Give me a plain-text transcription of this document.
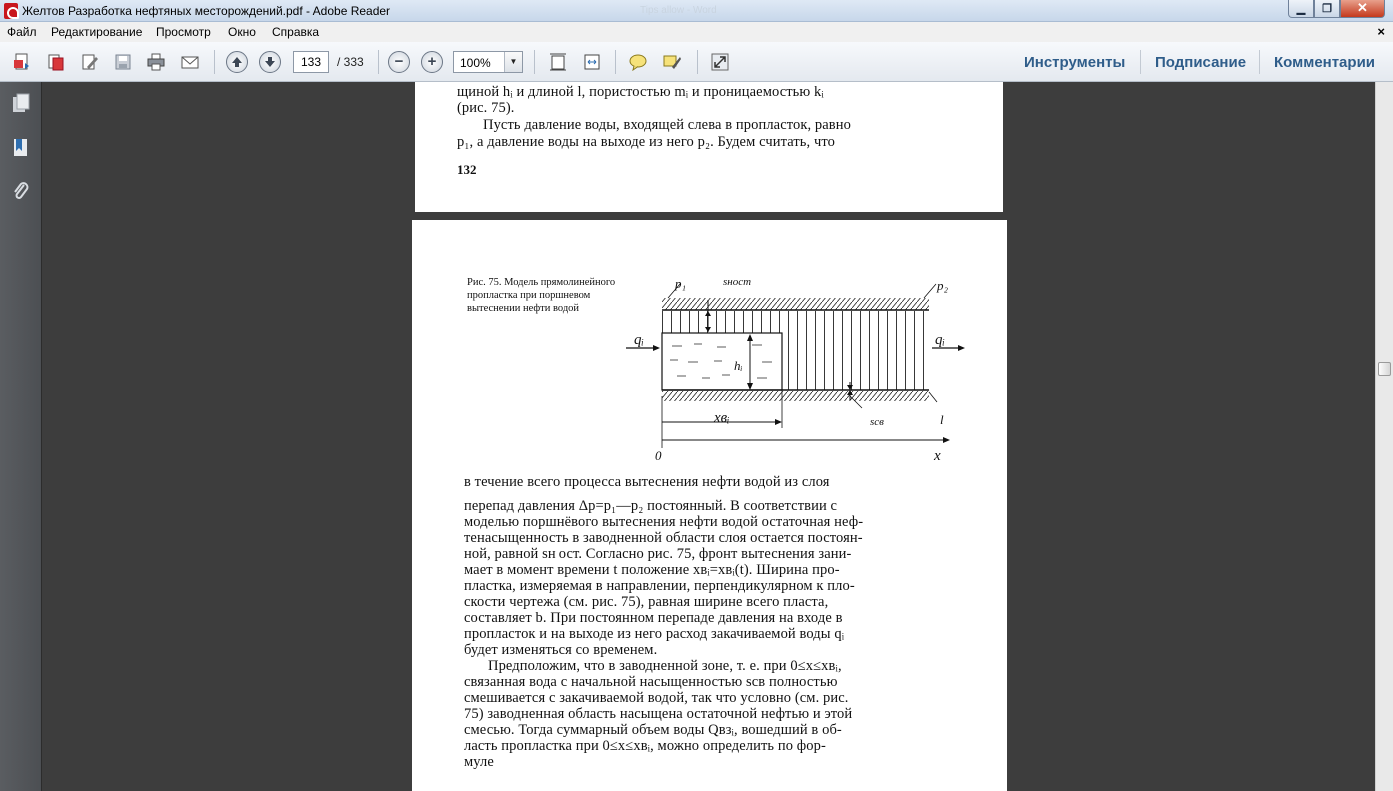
Желтов Разработка нефтяных месторождений.pdf - Adobe Reader	Tips allow - Word	▁	❐	✕
Файл Редактирование Просмотр Окно Справка	×
−	+
133	/ 333	100%	▼	Инструменты Подписание Комментарии
щиной hᵢ и длиной l, пористостью mᵢ и проницаемостью kᵢ
(рис. 75).
Пусть давление воды, входящей слева в пропласток, равно
p₁, а давление воды на выходе из него p₂. Будем считать, что
132
Рис. 75. Модель прямолинейного пропластка при поршневом вытеснении нефти водой
p₁	p₂
sност
qᵢ	qᵢ
hᵢ
sсв	l
xвᵢ
0	x
в течение всего процесса вытеснения нефти водой из слоя
перепад давления Δp=p₁—p₂ постоянный. В соответствии с
моделью поршнёвого вытеснения нефти водой остаточная неф-
тенасыщенность в заводненной области слоя остается постоян-
ной, равной sн ост. Согласно рис. 75, фронт вытеснения зани-
мает в момент времени t положение xвᵢ=xвᵢ(t). Ширина про-
пластка, измеряемая в направлении, перпендикулярном к пло-
скости чертежа (см. рис. 75), равная ширине всего пласта,
составляет b. При постоянном перепаде давления на входе в
пропласток и на выходе из него расход закачиваемой воды qᵢ
будет изменяться со временем.
Предположим, что в заводненной зоне, т. е. при 0≤x≤xвᵢ,
связанная вода с начальной насыщенностью sсв полностью
смешивается с закачиваемой водой, так что условно (см. рис.
75) заводненная область насыщена остаточной нефтью и этой
смесью. Тогда суммарный объем воды Qвзᵢ, вошедший в об-
ласть пропластка при 0≤x≤xвᵢ, можно определить по фор-
муле
